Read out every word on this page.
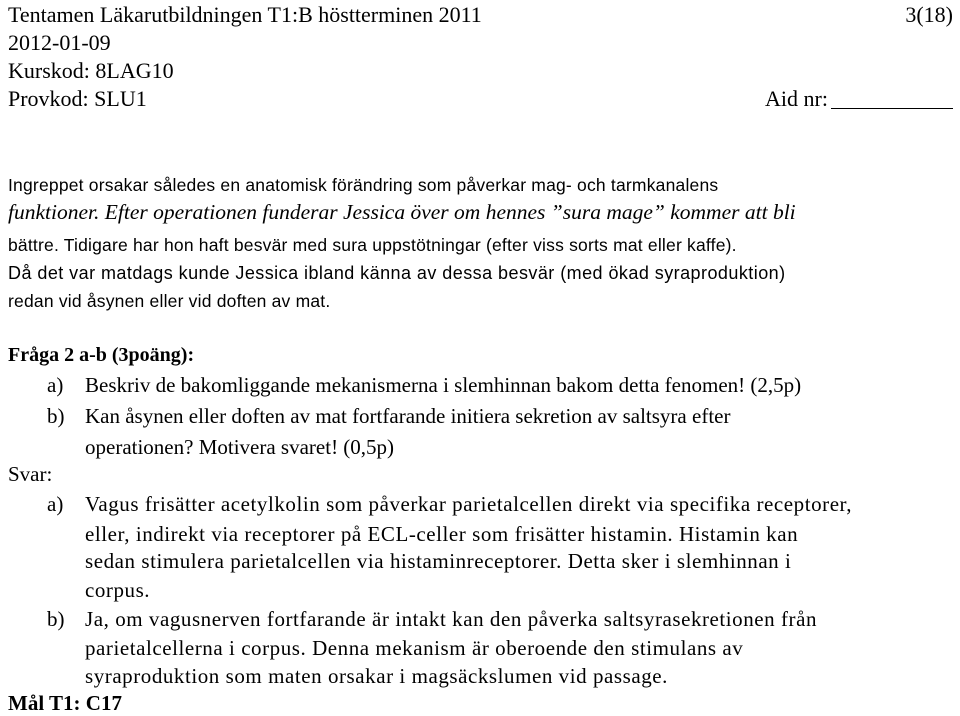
Tentamen Läkarutbildningen T1:B höstterminen 2011	3(18)
2012-01-09
Kurskod: 8LAG10
Provkod: SLU1	Aid nr:
Ingreppet orsakar således en anatomisk förändring som påverkar mag- och tarmkanalens
funktioner. Efter operationen funderar Jessica över om hennes ”sura mage” kommer att bli
bättre. Tidigare har hon haft besvär med sura uppstötningar (efter viss sorts mat eller kaffe).
Då det var matdags kunde Jessica ibland känna av dessa besvär (med ökad syraproduktion)
redan vid åsynen eller vid doften av mat.
Fråga 2 a-b (3poäng):
a) Beskriv de bakomliggande mekanismerna i slemhinnan bakom detta fenomen! (2,5p)
b) Kan åsynen eller doften av mat fortfarande initiera sekretion av saltsyra efter
operationen? Motivera svaret! (0,5p)
Svar:
a) Vagus frisätter acetylkolin som påverkar parietalcellen direkt via specifika receptorer,
eller, indirekt via receptorer på ECL-celler som frisätter histamin. Histamin kan
sedan stimulera parietalcellen via histaminreceptorer. Detta sker i slemhinnan i
corpus.
b) Ja, om vagusnerven fortfarande är intakt kan den påverka saltsyrasekretionen från
parietalcellerna i corpus. Denna mekanism är oberoende den stimulans av
syraproduktion som maten orsakar i magsäckslumen vid passage.
Mål T1: C17
